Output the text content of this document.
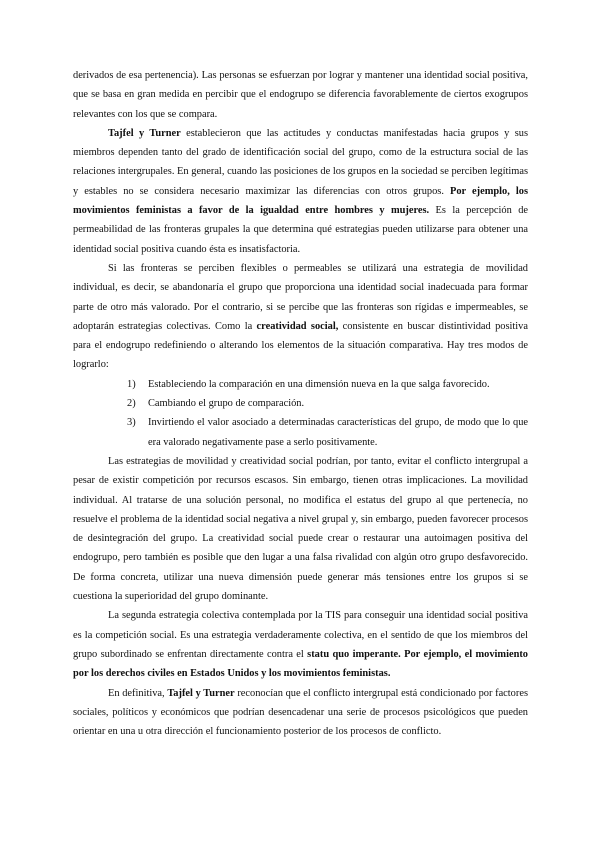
derivados de esa pertenencia). Las personas se esfuerzan por lograr y mantener una identidad social positiva, que se basa en gran medida en percibir que el endogrupo se diferencia favorablemente de ciertos exogrupos relevantes con los que se compara.

Tajfel y Turner establecieron que las actitudes y conductas manifestadas hacia grupos y sus miembros dependen tanto del grado de identificación social del grupo, como de la estructura social de las relaciones intergrupales. En general, cuando las posiciones de los grupos en la sociedad se perciben legítimas y estables no se considera necesario maximizar las diferencias con otros grupos. Por ejemplo, los movimientos feministas a favor de la igualdad entre hombres y mujeres. Es la percepción de permeabilidad de las fronteras grupales la que determina qué estrategias pueden utilizarse para obtener una identidad social positiva cuando ésta es insatisfactoria.

Si las fronteras se perciben flexibles o permeables se utilizará una estrategia de movilidad individual, es decir, se abandonaría el grupo que proporciona una identidad social inadecuada para formar parte de otro más valorado. Por el contrario, si se percibe que las fronteras son rígidas e impermeables, se adoptarán estrategias colectivas. Como la creatividad social, consistente en buscar distintividad positiva para el endogrupo redefiniendo o alterando los elementos de la situación comparativa. Hay tres modos de lograrlo:

1) Estableciendo la comparación en una dimensión nueva en la que salga favorecido.
2) Cambiando el grupo de comparación.
3) Invirtiendo el valor asociado a determinadas características del grupo, de modo que lo que era valorado negativamente pase a serlo positivamente.

Las estrategias de movilidad y creatividad social podrían, por tanto, evitar el conflicto intergrupal a pesar de existir competición por recursos escasos. Sin embargo, tienen otras implicaciones. La movilidad individual. Al tratarse de una solución personal, no modifica el estatus del grupo al que pertenecía, no resuelve el problema de la identidad social negativa a nivel grupal y, sin embargo, pueden favorecer procesos de desintegración del grupo. La creatividad social puede crear o restaurar una autoimagen positiva del endogrupo, pero también es posible que den lugar a una falsa rivalidad con algún otro grupo desfavorecido. De forma concreta, utilizar una nueva dimensión puede generar más tensiones entre los grupos si se cuestiona la superioridad del grupo dominante.

La segunda estrategia colectiva contemplada por la TIS para conseguir una identidad social positiva es la competición social. Es una estrategia verdaderamente colectiva, en el sentido de que los miembros del grupo subordinado se enfrentan directamente contra el statu quo imperante. Por ejemplo, el movimiento por los derechos civiles en Estados Unidos y los movimientos feministas.

En definitiva, Tajfel y Turner reconocían que el conflicto intergrupal está condicionado por factores sociales, políticos y económicos que podrían desencadenar una serie de procesos psicológicos que pueden orientar en una u otra dirección el funcionamiento posterior de los procesos de conflicto.
